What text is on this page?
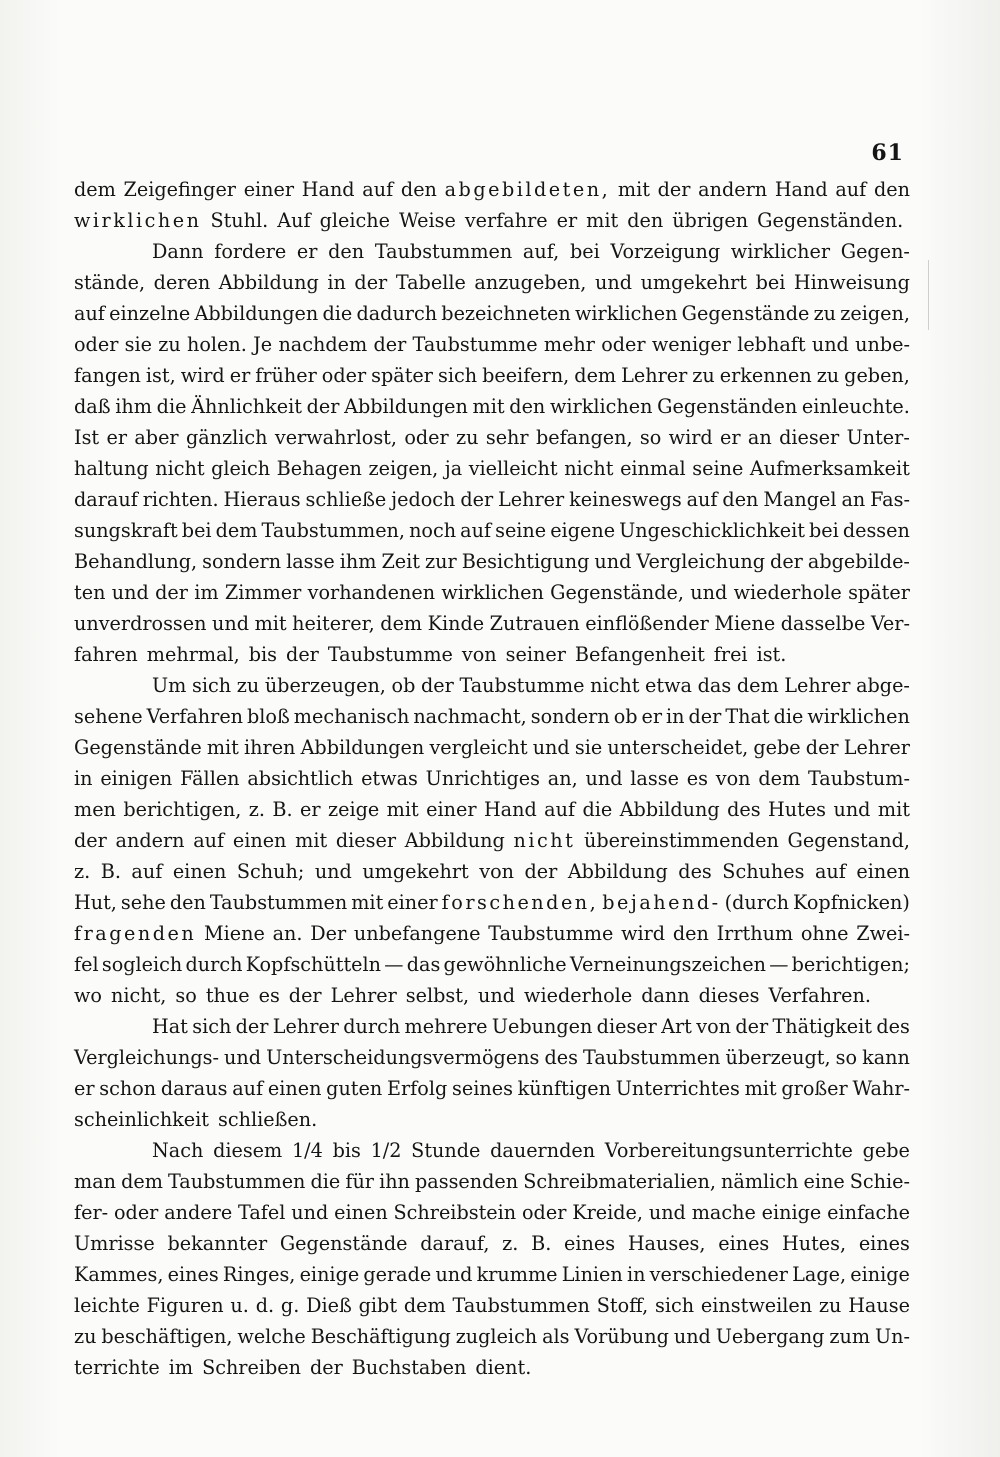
61
dem Zeigefinger einer Hand auf den abgebildeten, mit der andern Hand auf den
wirklichen Stuhl. Auf gleiche Weise verfahre er mit den übrigen Gegenständen.
Dann fordere er den Taubstummen auf, bei Vorzeigung wirklicher Gegen-
stände, deren Abbildung in der Tabelle anzugeben, und umgekehrt bei Hinweisung
auf einzelne Abbildungen die dadurch bezeichneten wirklichen Gegenstände zu zeigen,
oder sie zu holen. Je nachdem der Taubstumme mehr oder weniger lebhaft und unbe-
fangen ist, wird er früher oder später sich beeifern, dem Lehrer zu erkennen zu geben,
daß ihm die Ähnlichkeit der Abbildungen mit den wirklichen Gegenständen einleuchte.
Ist er aber gänzlich verwahrlost, oder zu sehr befangen, so wird er an dieser Unter-
haltung nicht gleich Behagen zeigen, ja vielleicht nicht einmal seine Aufmerksamkeit
darauf richten. Hieraus schließe jedoch der Lehrer keineswegs auf den Mangel an Fas-
sungskraft bei dem Taubstummen, noch auf seine eigene Ungeschicklichkeit bei dessen
Behandlung, sondern lasse ihm Zeit zur Besichtigung und Vergleichung der abgebilde-
ten und der im Zimmer vorhandenen wirklichen Gegenstände, und wiederhole später
unverdrossen und mit heiterer, dem Kinde Zutrauen einflößender Miene dasselbe Ver-
fahren mehrmal, bis der Taubstumme von seiner Befangenheit frei ist.
Um sich zu überzeugen, ob der Taubstumme nicht etwa das dem Lehrer abge-
sehene Verfahren bloß mechanisch nachmacht, sondern ob er in der That die wirklichen
Gegenstände mit ihren Abbildungen vergleicht und sie unterscheidet, gebe der Lehrer
in einigen Fällen absichtlich etwas Unrichtiges an, und lasse es von dem Taubstum-
men berichtigen, z. B. er zeige mit einer Hand auf die Abbildung des Hutes und mit
der andern auf einen mit dieser Abbildung nicht übereinstimmenden Gegenstand,
z. B. auf einen Schuh; und umgekehrt von der Abbildung des Schuhes auf einen
Hut, sehe den Taubstummen mit einer forschenden, bejahend- (durch Kopfnicken)
fragenden Miene an. Der unbefangene Taubstumme wird den Irrthum ohne Zwei-
fel sogleich durch Kopfschütteln — das gewöhnliche Verneinungszeichen — berichtigen;
wo nicht, so thue es der Lehrer selbst, und wiederhole dann dieses Verfahren.
Hat sich der Lehrer durch mehrere Uebungen dieser Art von der Thätigkeit des
Vergleichungs- und Unterscheidungsvermögens des Taubstummen überzeugt, so kann
er schon daraus auf einen guten Erfolg seines künftigen Unterrichtes mit großer Wahr-
scheinlichkeit schließen.
Nach diesem 1/4 bis 1/2 Stunde dauernden Vorbereitungsunterrichte gebe
man dem Taubstummen die für ihn passenden Schreibmaterialien, nämlich eine Schie-
fer- oder andere Tafel und einen Schreibstein oder Kreide, und mache einige einfache
Umrisse bekannter Gegenstände darauf, z. B. eines Hauses, eines Hutes, eines
Kammes, eines Ringes, einige gerade und krumme Linien in verschiedener Lage, einige
leichte Figuren u. d. g. Dieß gibt dem Taubstummen Stoff, sich einstweilen zu Hause
zu beschäftigen, welche Beschäftigung zugleich als Vorübung und Uebergang zum Un-
terrichte im Schreiben der Buchstaben dient.
